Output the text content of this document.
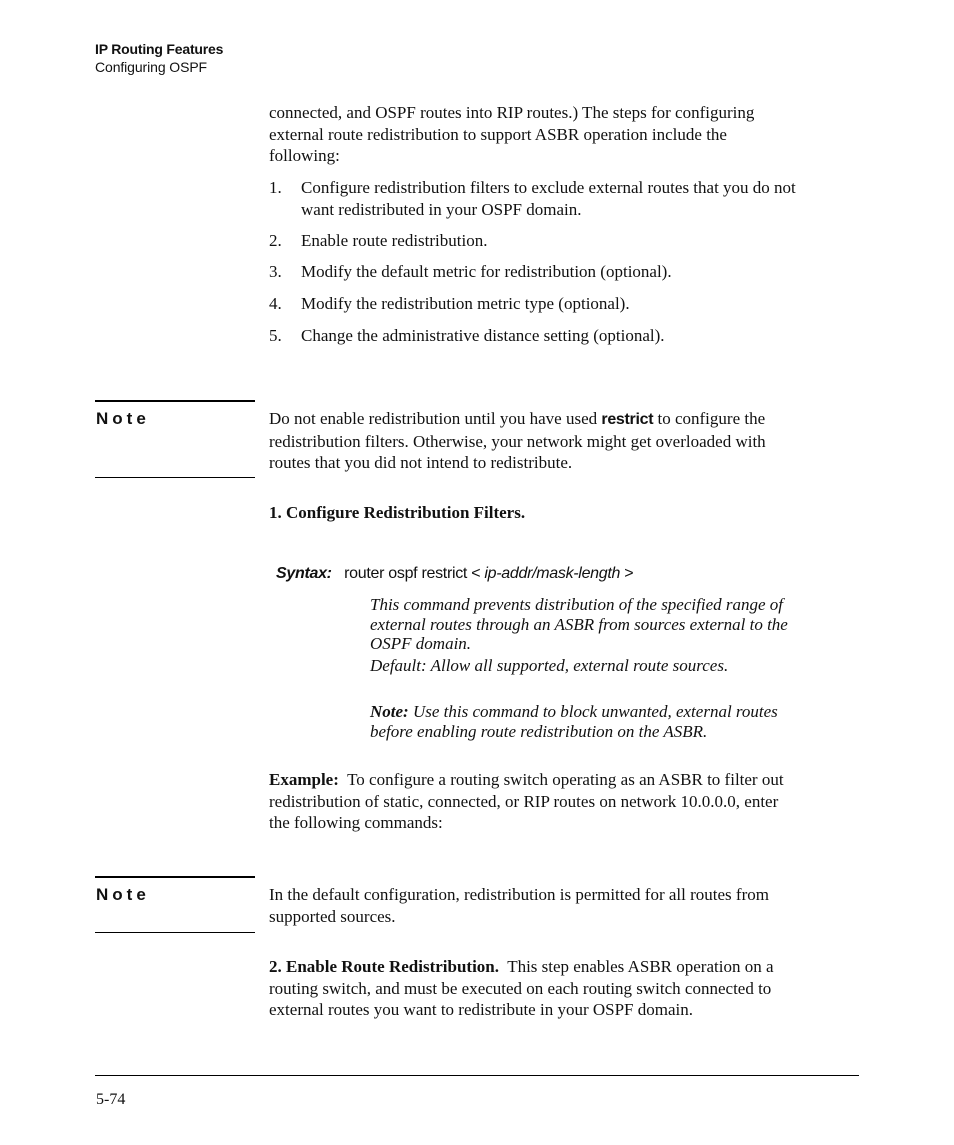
IP Routing Features
Configuring OSPF
connected, and OSPF routes into RIP routes.) The steps for configuring
external route redistribution to support ASBR operation include the
following:
1. Configure redistribution filters to exclude external routes that you do not
want redistributed in your OSPF domain.
2. Enable route redistribution.
3. Modify the default metric for redistribution (optional).
4. Modify the redistribution metric type (optional).
5. Change the administrative distance setting (optional).
Note	Do not enable redistribution until you have used restrict to configure the
redistribution filters. Otherwise, your network might get overloaded with
routes that you did not intend to redistribute.
1. Configure Redistribution Filters.
Syntax: router ospf restrict < ip-addr/mask-length >
This command prevents distribution of the specified range of
external routes through an ASBR from sources external to the
OSPF domain.
Default: Allow all supported, external route sources.
Note: Use this command to block unwanted, external routes
before enabling route redistribution on the ASBR.
Example:  To configure a routing switch operating as an ASBR to filter out
redistribution of static, connected, or RIP routes on network 10.0.0.0, enter
the following commands:
Note	In the default configuration, redistribution is permitted for all routes from
supported sources.
2. Enable Route Redistribution.  This step enables ASBR operation on a
routing switch, and must be executed on each routing switch connected to
external routes you want to redistribute in your OSPF domain.
5-74
